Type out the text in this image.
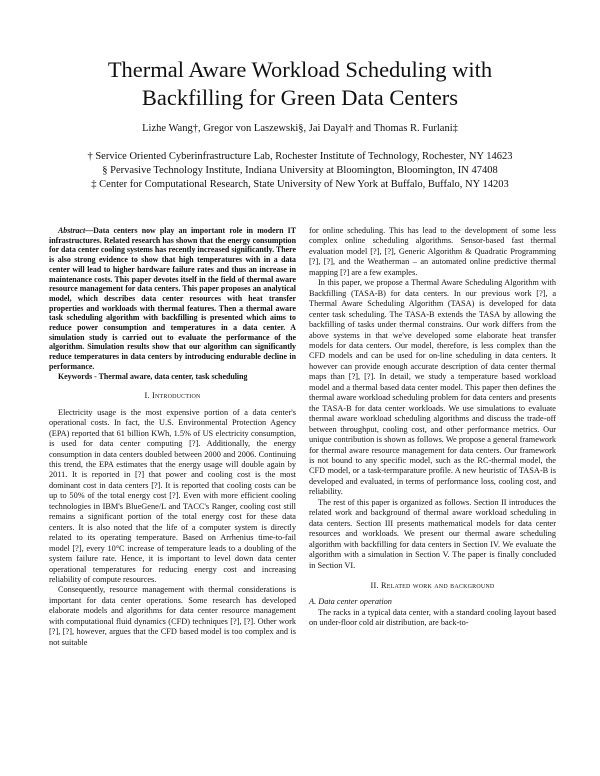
Thermal Aware Workload Scheduling with
Backfilling for Green Data Centers
Lizhe Wang†, Gregor von Laszewski§, Jai Dayal† and Thomas R. Furlani‡
† Service Oriented Cyberinfrastructure Lab, Rochester Institute of Technology, Rochester, NY 14623
§ Pervasive Technology Institute, Indiana University at Bloomington, Bloomington, IN 47408
‡ Center for Computational Research, State University of New York at Buffalo, Buffalo, NY 14203

Abstract—Data centers now play an important role in modern IT infrastructures. Related research has shown that the energy consumption for data center cooling systems has recently increased significantly. There is also strong evidence to show that high temperatures with in a data center will lead to higher hardware failure rates and thus an increase in maintenance costs. This paper devotes itself in the field of thermal aware resource management for data centers. This paper proposes an analytical model, which describes data center resources with heat transfer properties and workloads with thermal features. Then a thermal aware task scheduling algorithm with backfilling is presented which aims to reduce power consumption and temperatures in a data center. A simulation study is carried out to evaluate the performance of the algorithm. Simulation results show that our algorithm can significantly reduce temperatures in data centers by introducing endurable decline in performance.

Keywords - Thermal aware, data center, task scheduling

I. Introduction

Electricity usage is the most expensive portion of a data center's operational costs. In fact, the U.S. Environmental Protection Agency (EPA) reported that 61 billion KWh, 1.5% of US electricity consumption, is used for data center computing [?]. Additionally, the energy consumption in data centers doubled between 2000 and 2006. Continuing this trend, the EPA estimates that the energy usage will double again by 2011. It is reported in [?] that power and cooling cost is the most dominant cost in data centers [?]. It is reported that cooling costs can be up to 50% of the total energy cost [?]. Even with more efficient cooling technologies in IBM's BlueGene/L and TACC's Ranger, cooling cost still remains a significant portion of the total energy cost for these data centers. It is also noted that the life of a computer system is directly related to its operating temperature. Based on Arrhenius time-to-fail model [?], every 10°C increase of temperature leads to a doubling of the system failure rate. Hence, it is important to level down data center operational temperatures for reducing energy cost and increasing reliability of compute resources.

Consequently, resource management with thermal considerations is important for data center operations. Some research has developed elaborate models and algorithms for data center resource management with computational fluid dynamics (CFD) techniques [?], [?]. Other work [?], [?], however, argues that the CFD based model is too complex and is not suitable

for online scheduling. This has lead to the development of some less complex online scheduling algorithms. Sensor-based fast thermal evaluation model [?], [?], Generic Algorithm & Quadratic Programming [?], [?], and the Weatherman – an automated online predictive thermal mapping [?] are a few examples.

In this paper, we propose a Thermal Aware Scheduling Algorithm with Backfilling (TASA-B) for data centers. In our previous work [?], a Thermal Aware Scheduling Algorithm (TASA) is developed for data center task scheduling. The TASA-B extends the TASA by allowing the backfilling of tasks under thermal constrains. Our work differs from the above systems in that we've developed some elaborate heat transfer models for data centers. Our model, therefore, is less complex than the CFD models and can be used for on-line scheduling in data centers. It however can provide enough accurate description of data center thermal maps than [?], [?]. In detail, we study a temperature based workload model and a thermal based data center model. This paper then defines the thermal aware workload scheduling problem for data centers and presents the TASA-B for data center workloads. We use simulations to evaluate thermal aware workload scheduling algorithms and discuss the trade-off between throughput, cooling cost, and other performance metrics. Our unique contribution is shown as follows. We propose a general framework for thermal aware resource management for data centers. Our framework is not bound to any specific model, such as the RC-thermal model, the CFD model, or a task-termparature profile. A new heuristic of TASA-B is developed and evaluated, in terms of performance loss, cooling cost, and reliability.

The rest of this paper is organized as follows. Section II introduces the related work and background of thermal aware workload scheduling in data centers. Section III presents mathematical models for data center resources and workloads. We present our thermal aware scheduling algorithm with backfilling for data centers in Section IV. We evaluate the algorithm with a simulation in Section V. The paper is finally concluded in Section VI.

II. Related work and background

A. Data center operation

The racks in a typical data center, with a standard cooling layout based on under-floor cold air distribution, are back-to-
